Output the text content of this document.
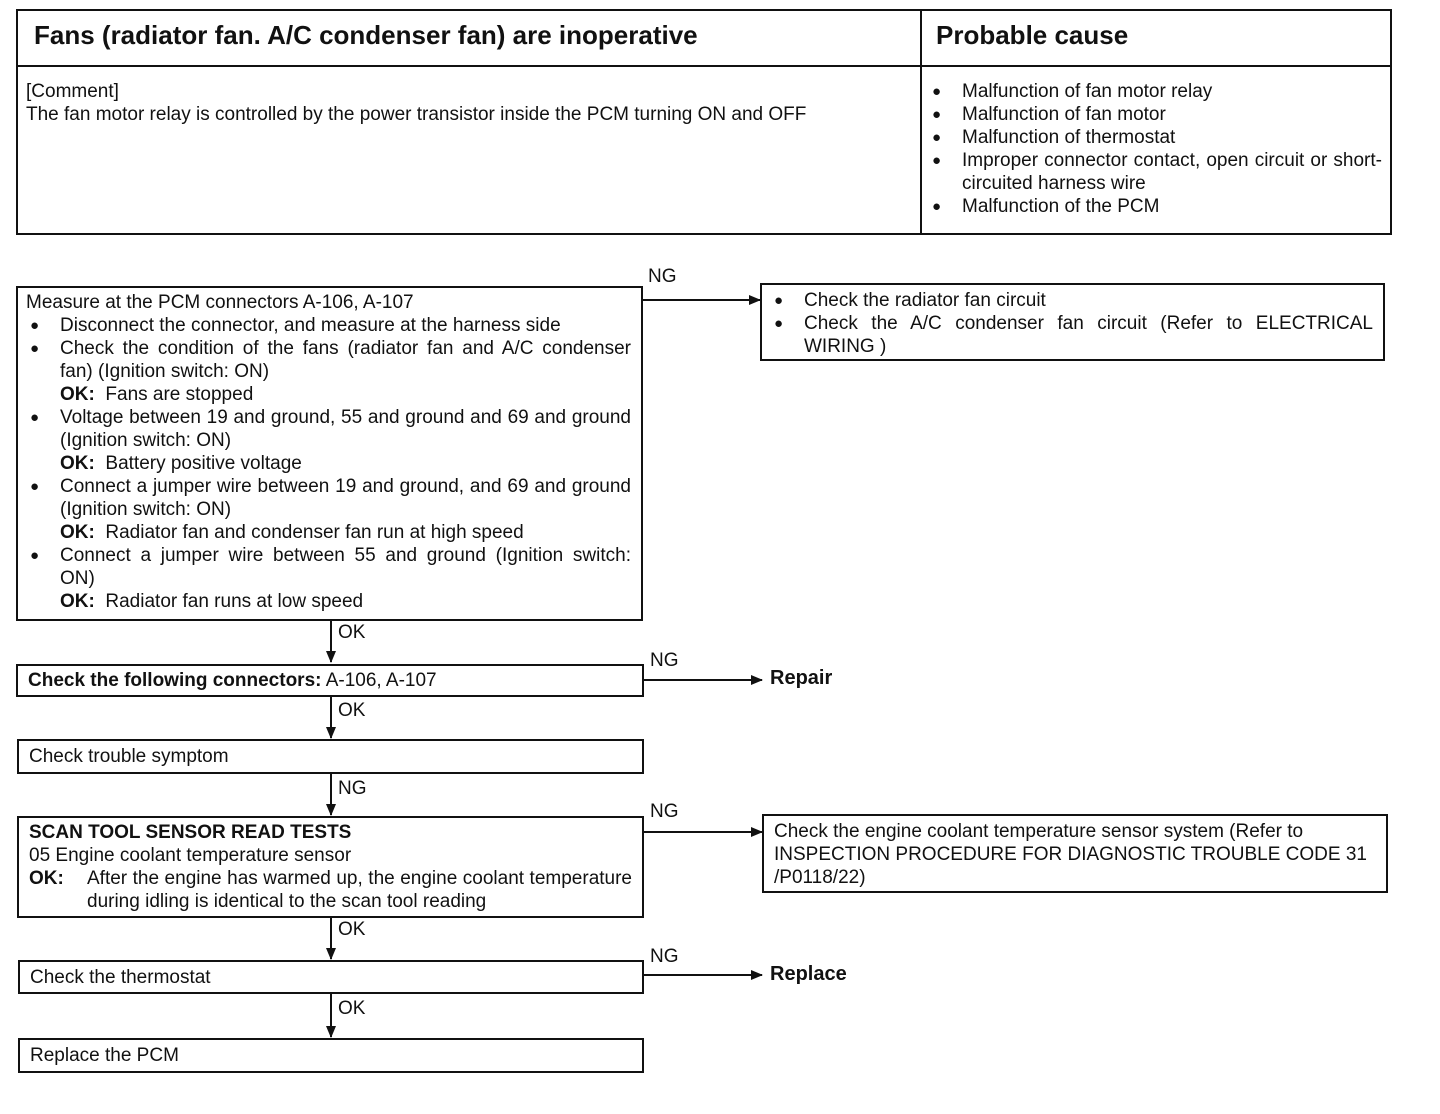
Fans (radiator fan. A/C condenser fan) are inoperative	Probable cause
[Comment]
The fan motor relay is controlled by the power transistor inside the PCM turning ON and OFF
● Malfunction of fan motor relay
● Malfunction of fan motor
● Malfunction of thermostat
● Improper connector contact, open circuit or short-circuited harness wire
● Malfunction of the PCM
Measure at the PCM connectors A-106, A-107
● Disconnect the connector, and measure at the harness side
● Check the condition of the fans (radiator fan and A/C condenser fan) (Ignition switch: ON)
OK: Fans are stopped
● Voltage between 19 and ground, 55 and ground and 69 and ground (Ignition switch: ON)
OK: Battery positive voltage
● Connect a jumper wire between 19 and ground, and 69 and ground (Ignition switch: ON)
OK: Radiator fan and condenser fan run at high speed
● Connect a jumper wire between 55 and ground (Ignition switch: ON)
OK: Radiator fan runs at low speed
NG
● Check the radiator fan circuit
● Check the A/C condenser fan circuit (Refer to ELECTRICAL WIRING )
OK
Check the following connectors: A-106, A-107
NG
Repair
OK
Check trouble symptom
NG
SCAN TOOL SENSOR READ TESTS
05 Engine coolant temperature sensor
OK:	After the engine has warmed up, the engine coolant temperature during idling is identical to the scan tool reading
NG
Check the engine coolant temperature sensor system (Refer to INSPECTION PROCEDURE FOR DIAGNOSTIC TROUBLE CODE 31 /P0118/22)
OK
Check the thermostat
NG
Replace
OK
Replace the PCM
